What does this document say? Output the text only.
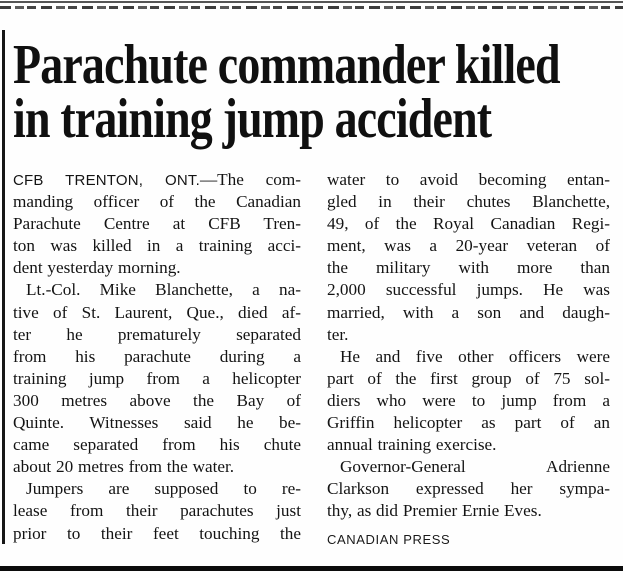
Parachute commander killed
in training jump accident
CFB TRENTON, ONT.—The com-
manding officer of the Canadian
Parachute Centre at CFB Tren-
ton was killed in a training acci-
dent yesterday morning.
Lt.-Col. Mike Blanchette, a na-
tive of St. Laurent, Que., died af-
ter he prematurely separated
from his parachute during a
training jump from a helicopter
300 metres above the Bay of
Quinte. Witnesses said he be-
came separated from his chute
about 20 metres from the water.
Jumpers are supposed to re-
lease from their parachutes just
prior to their feet touching the
water to avoid becoming entan-
gled in their chutes Blanchette,
49, of the Royal Canadian Regi-
ment, was a 20-year veteran of
the military with more than
2,000 successful jumps. He was
married, with a son and daugh-
ter.
He and five other officers were
part of the first group of 75 sol-
diers who were to jump from a
Griffin helicopter as part of an
annual training exercise.
Governor-General Adrienne
Clarkson expressed her sympa-
thy, as did Premier Ernie Eves.
CANADIAN PRESS
